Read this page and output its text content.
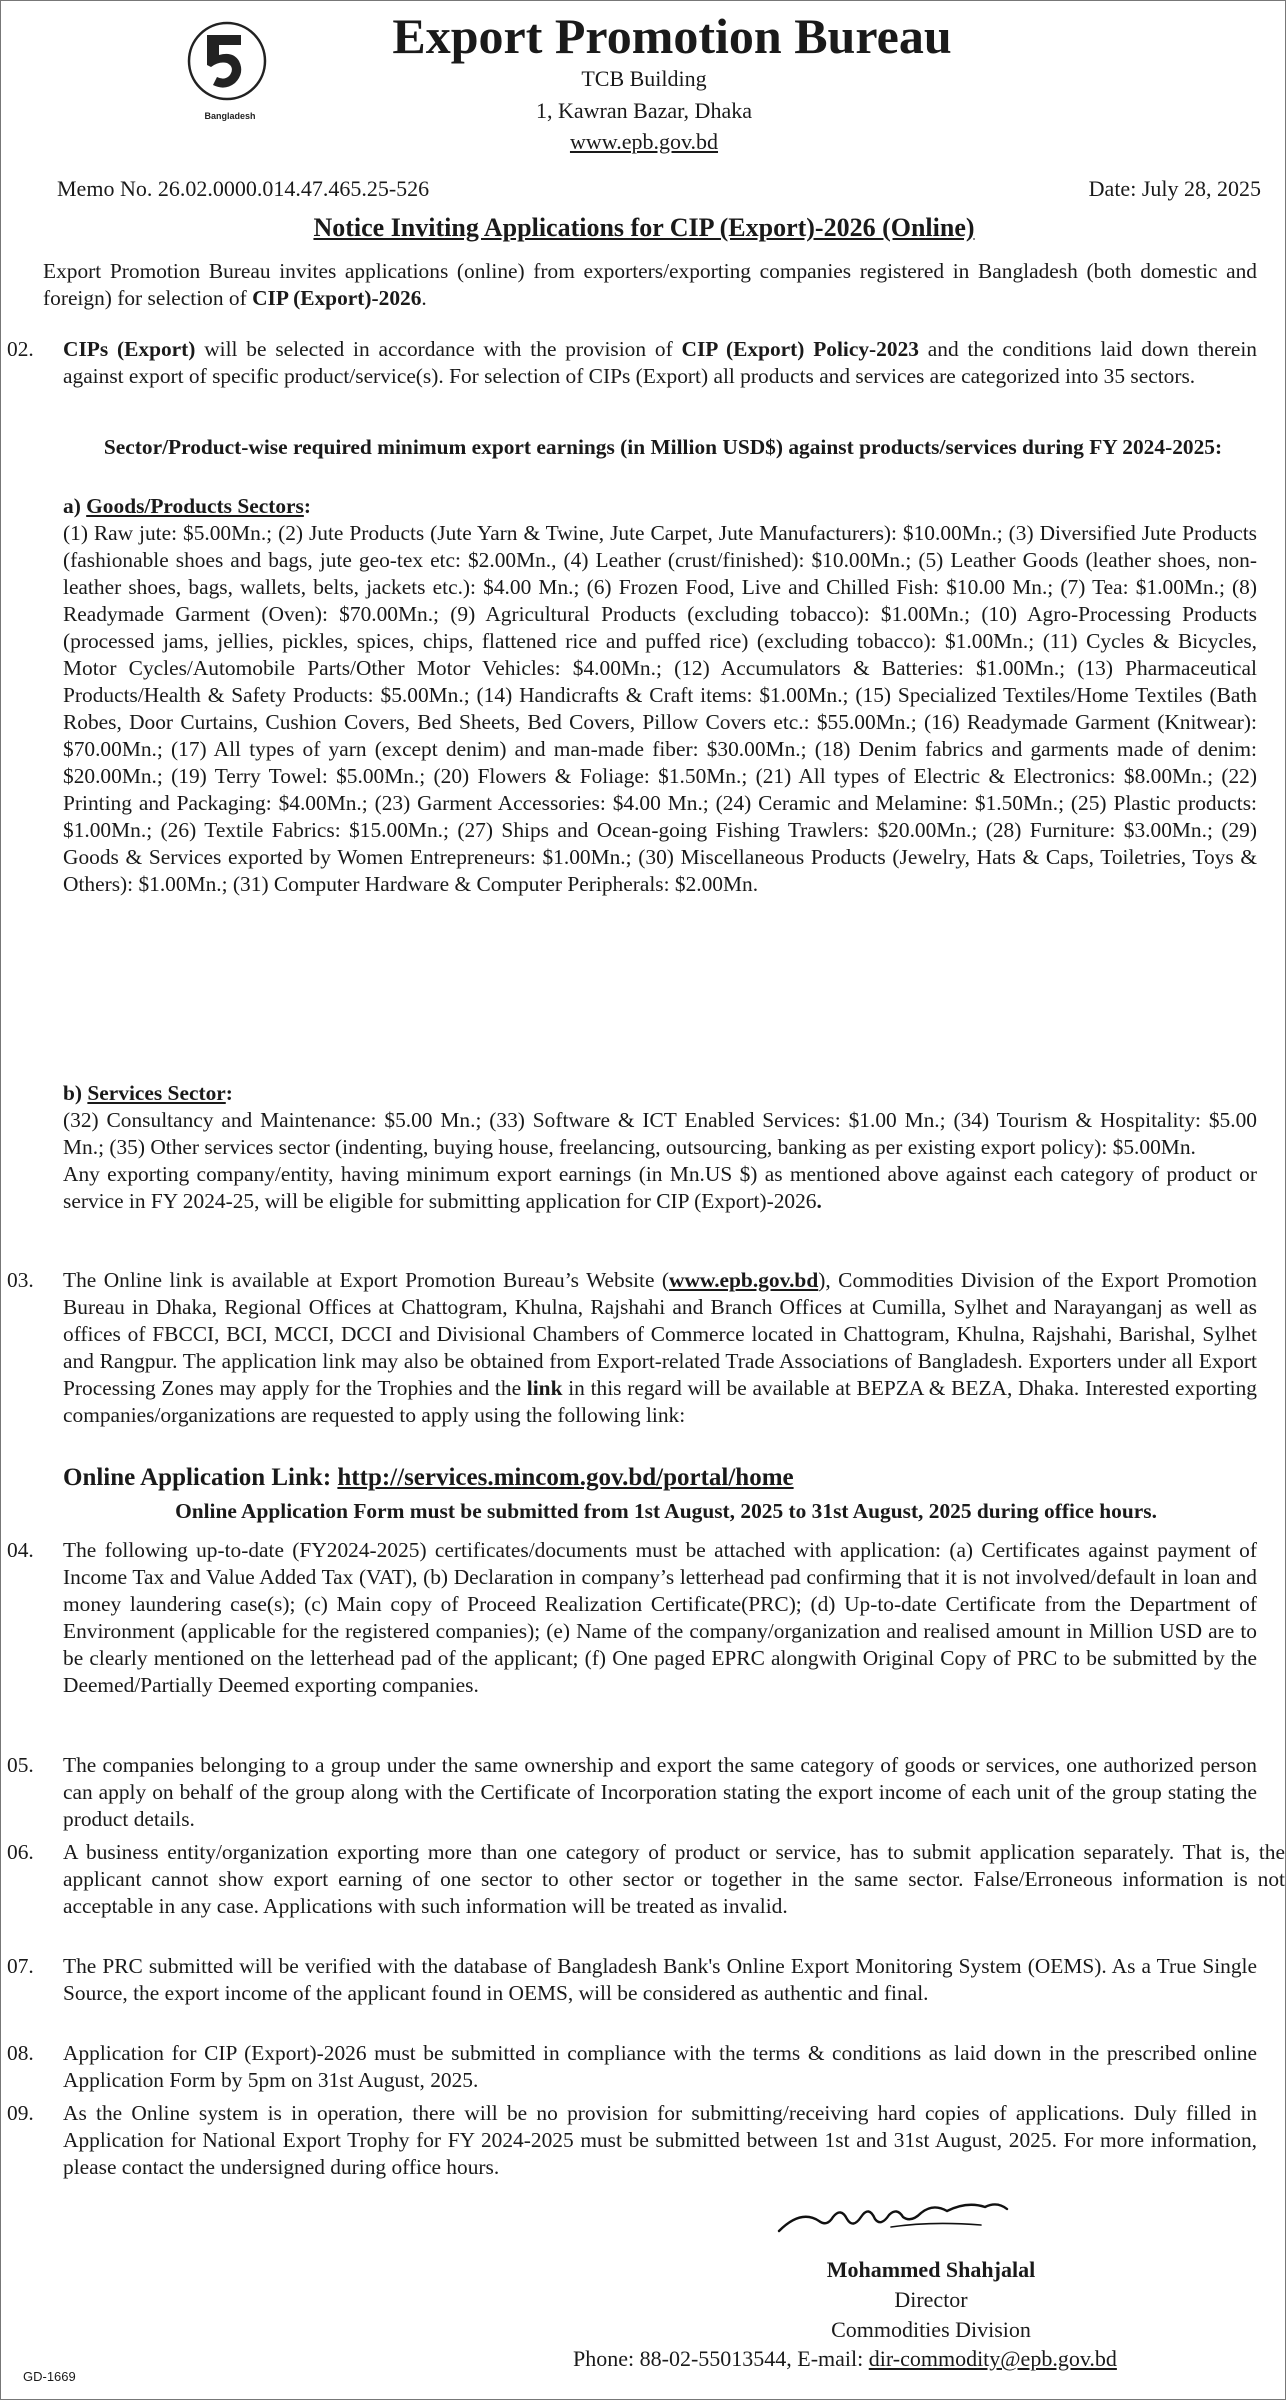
Bangladesh
Export Promotion Bureau
TCB Building
1, Kawran Bazar, Dhaka
www.epb.gov.bd
Memo No. 26.02.0000.014.47.465.25-526	Date: July 28, 2025
Notice Inviting Applications for CIP (Export)-2026 (Online)
Export Promotion Bureau invites applications (online) from exporters/exporting companies registered in Bangladesh (both domestic and foreign) for selection of CIP (Export)-2026.
02. CIPs (Export) will be selected in accordance with the provision of CIP (Export) Policy-2023 and the conditions laid down therein against export of specific product/service(s). For selection of CIPs (Export) all products and services are categorized into 35 sectors.
Sector/Product-wise required minimum export earnings (in Million USD$) against products/services during FY 2024-2025:
a) Goods/Products Sectors:
(1) Raw jute: $5.00Mn.; (2) Jute Products (Jute Yarn & Twine, Jute Carpet, Jute Manufacturers): $10.00Mn.; (3) Diversified Jute Products (fashionable shoes and bags, jute geo-tex etc: $2.00Mn., (4) Leather (crust/finished): $10.00Mn.; (5) Leather Goods (leather shoes, non-leather shoes, bags, wallets, belts, jackets etc.): $4.00 Mn.; (6) Frozen Food, Live and Chilled Fish: $10.00 Mn.; (7) Tea: $1.00Mn.; (8) Readymade Garment (Oven): $70.00Mn.; (9) Agricultural Products (excluding tobacco): $1.00Mn.; (10) Agro-Processing Products (processed jams, jellies, pickles, spices, chips, flattened rice and puffed rice) (excluding tobacco): $1.00Mn.; (11) Cycles & Bicycles, Motor Cycles/Automobile Parts/Other Motor Vehicles: $4.00Mn.; (12) Accumulators & Batteries: $1.00Mn.; (13) Pharmaceutical Products/Health & Safety Products: $5.00Mn.; (14) Handicrafts & Craft items: $1.00Mn.; (15) Specialized Textiles/Home Textiles (Bath Robes, Door Curtains, Cushion Covers, Bed Sheets, Bed Covers, Pillow Covers etc.: $55.00Mn.; (16) Readymade Garment (Knitwear): $70.00Mn.; (17) All types of yarn (except denim) and man-made fiber: $30.00Mn.; (18) Denim fabrics and garments made of denim: $20.00Mn.; (19) Terry Towel: $5.00Mn.; (20) Flowers & Foliage: $1.50Mn.; (21) All types of Electric & Electronics: $8.00Mn.; (22) Printing and Packaging: $4.00Mn.; (23) Garment Accessories: $4.00 Mn.; (24) Ceramic and Melamine: $1.50Mn.; (25) Plastic products: $1.00Mn.; (26) Textile Fabrics: $15.00Mn.; (27) Ships and Ocean-going Fishing Trawlers: $20.00Mn.; (28) Furniture: $3.00Mn.; (29) Goods & Services exported by Women Entrepreneurs: $1.00Mn.; (30) Miscellaneous Products (Jewelry, Hats & Caps, Toiletries, Toys & Others): $1.00Mn.; (31) Computer Hardware & Computer Peripherals: $2.00Mn.
b) Services Sector:
(32) Consultancy and Maintenance: $5.00 Mn.; (33) Software & ICT Enabled Services: $1.00 Mn.; (34) Tourism & Hospitality: $5.00 Mn.; (35) Other services sector (indenting, buying house, freelancing, outsourcing, banking as per existing export policy): $5.00Mn.
Any exporting company/entity, having minimum export earnings (in Mn.US $) as mentioned above against each category of product or service in FY 2024-25, will be eligible for submitting application for CIP (Export)-2026.
03. The Online link is available at Export Promotion Bureau’s Website (www.epb.gov.bd), Commodities Division of the Export Promotion Bureau in Dhaka, Regional Offices at Chattogram, Khulna, Rajshahi and Branch Offices at Cumilla, Sylhet and Narayanganj as well as offices of FBCCI, BCI, MCCI, DCCI and Divisional Chambers of Commerce located in Chattogram, Khulna, Rajshahi, Barishal, Sylhet and Rangpur. The application link may also be obtained from Export-related Trade Associations of Bangladesh. Exporters under all Export Processing Zones may apply for the Trophies and the link in this regard will be available at BEPZA & BEZA, Dhaka. Interested exporting companies/organizations are requested to apply using the following link:
Online Application Link: http://services.mincom.gov.bd/portal/home
Online Application Form must be submitted from 1st August, 2025 to 31st August, 2025 during office hours.
04. The following up-to-date (FY2024-2025) certificates/documents must be attached with application: (a) Certificates against payment of Income Tax and Value Added Tax (VAT), (b) Declaration in company’s letterhead pad confirming that it is not involved/default in loan and money laundering case(s); (c) Main copy of Proceed Realization Certificate(PRC); (d) Up-to-date Certificate from the Department of Environment (applicable for the registered companies); (e) Name of the company/organization and realised amount in Million USD are to be clearly mentioned on the letterhead pad of the applicant; (f) One paged EPRC alongwith Original Copy of PRC to be submitted by the Deemed/Partially Deemed exporting companies.
05. The companies belonging to a group under the same ownership and export the same category of goods or services, one authorized person can apply on behalf of the group along with the Certificate of Incorporation stating the export income of each unit of the group stating the product details.
06. A business entity/organization exporting more than one category of product or service, has to submit application separately. That is, the applicant cannot show export earning of one sector to other sector or together in the same sector. False/Erroneous information is not acceptable in any case. Applications with such information will be treated as invalid.
07. The PRC submitted will be verified with the database of Bangladesh Bank's Online Export Monitoring System (OEMS). As a True Single Source, the export income of the applicant found in OEMS, will be considered as authentic and final.
08. Application for CIP (Export)-2026 must be submitted in compliance with the terms & conditions as laid down in the prescribed online Application Form by 5pm on 31st August, 2025.
09. As the Online system is in operation, there will be no provision for submitting/receiving hard copies of applications. Duly filled in Application for National Export Trophy for FY 2024-2025 must be submitted between 1st and 31st August, 2025. For more information, please contact the undersigned during office hours.
Mohammed Shahjalal
Director
Commodities Division
Phone: 88-02-55013544, E-mail: dir-commodity@epb.gov.bd
GD-1669
